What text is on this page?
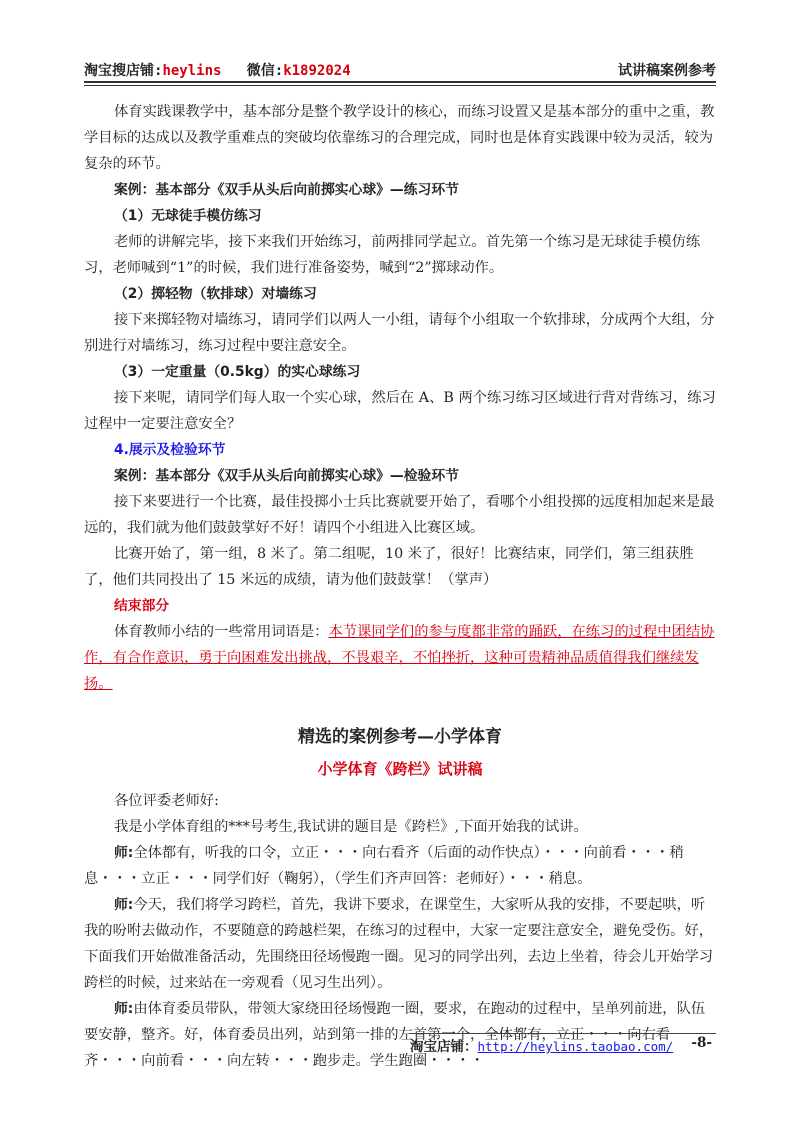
淘宝搜店铺:heylins 微信:k1892024	试讲稿案例参考

体育实践课教学中，基本部分是整个教学设计的核心，而练习设置又是基本部分的重中之重，教学目标的达成以及教学重难点的突破均依靠练习的合理完成，同时也是体育实践课中较为灵活，较为复杂的环节。

案例：基本部分《双手从头后向前掷实心球》—练习环节

（1）无球徒手模仿练习

老师的讲解完毕，接下来我们开始练习，前两排同学起立。首先第一个练习是无球徒手模仿练习，老师喊到“1”的时候，我们进行准备姿势，喊到“2”掷球动作。

（2）掷轻物（软排球）对墙练习

接下来掷轻物对墙练习，请同学们以两人一小组，请每个小组取一个软排球，分成两个大组，分别进行对墙练习，练习过程中要注意安全。

（3）一定重量（0.5kg）的实心球练习

接下来呢，请同学们每人取一个实心球，然后在 A、B 两个练习练习区域进行背对背练习，练习过程中一定要注意安全？

4.展示及检验环节

案例：基本部分《双手从头后向前掷实心球》—检验环节

接下来要进行一个比赛，最佳投掷小士兵比赛就要开始了，看哪个小组投掷的远度相加起来是最远的，我们就为他们鼓鼓掌好不好！请四个小组进入比赛区域。

比赛开始了，第一组，8 米了。第二组呢，10 米了，很好！比赛结束，同学们，第三组获胜了，他们共同投出了 15 米远的成绩，请为他们鼓鼓掌！（掌声）

结束部分

体育教师小结的一些常用词语是：本节课同学们的参与度都非常的踊跃，在练习的过程中团结协作，有合作意识，勇于向困难发出挑战，不畏艰辛，不怕挫折，这种可贵精神品质值得我们继续发扬。

精选的案例参考—小学体育

小学体育《跨栏》试讲稿

各位评委老师好:

我是小学体育组的***号考生,我试讲的题目是《跨栏》,下面开始我的试讲。

师:全体都有，听我的口令，立正・・・向右看齐（后面的动作快点）・・・向前看・・・稍息・・・立正・・・同学们好（鞠躬），（学生们齐声回答：老师好）・・・稍息。

师:今天，我们将学习跨栏，首先，我讲下要求，在课堂生，大家听从我的安排，不要起哄，听我的吩咐去做动作，不要随意的跨越栏架，在练习的过程中，大家一定要注意安全，避免受伤。好，下面我们开始做准备活动，先围绕田径场慢跑一圈。见习的同学出列，去边上坐着，待会儿开始学习跨栏的时候，过来站在一旁观看（见习生出列）。

师:由体育委员带队，带领大家绕田径场慢跑一圈，要求，在跑动的过程中，呈单列前进，队伍要安静，整齐。好，体育委员出列，站到第一排的左首第一个，全体都有，立正・・・向右看齐・・・向前看・・・向左转・・・跑步走。学生跑圈・・・・

淘宝店铺：http://heylins.taobao.com/ -8-
